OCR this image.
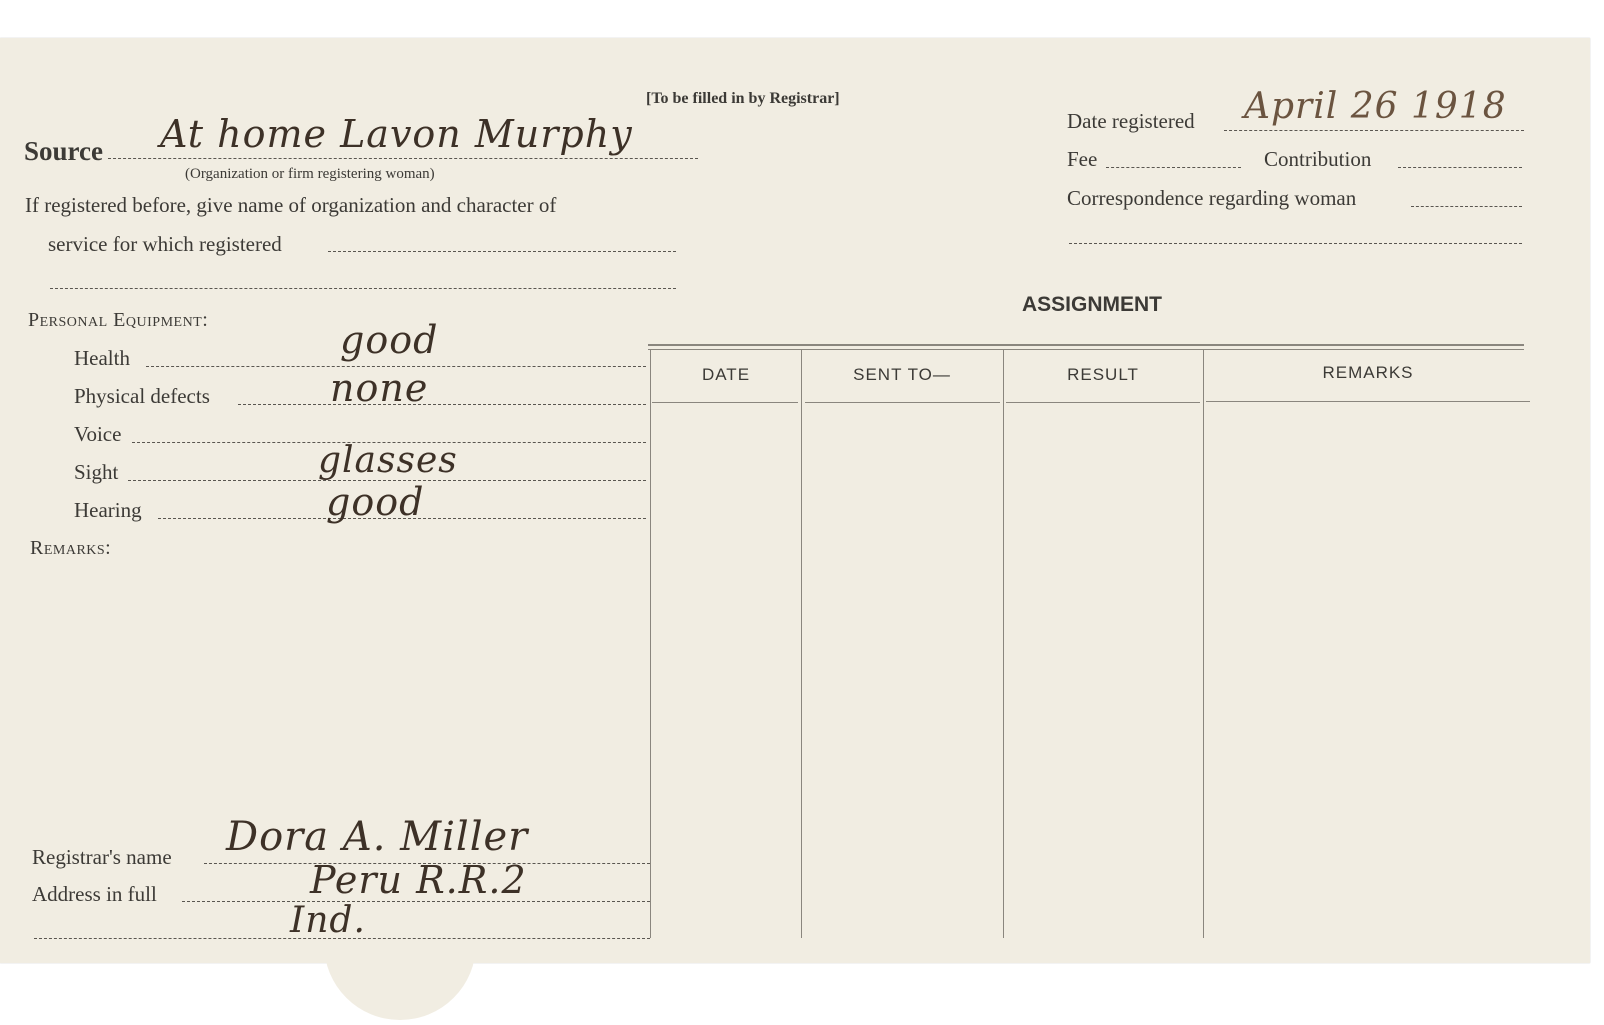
[To be filled in by Registrar]
Source At home Lavon Murphy
(Organization or firm registering woman)
If registered before, give name of organization and character of
service for which registered
Date registered April 26 1918
Fee	Contribution
Correspondence regarding woman
Personal Equipment:
Health	good
Physical defects	none
Voice
Sight	glasses
Hearing	good
Remarks:
Registrar's name Dora A. Miller
Address in full	Peru R.R.2
Ind.
ASSIGNMENT
DATE	SENT TO—	RESULT	REMARKS
